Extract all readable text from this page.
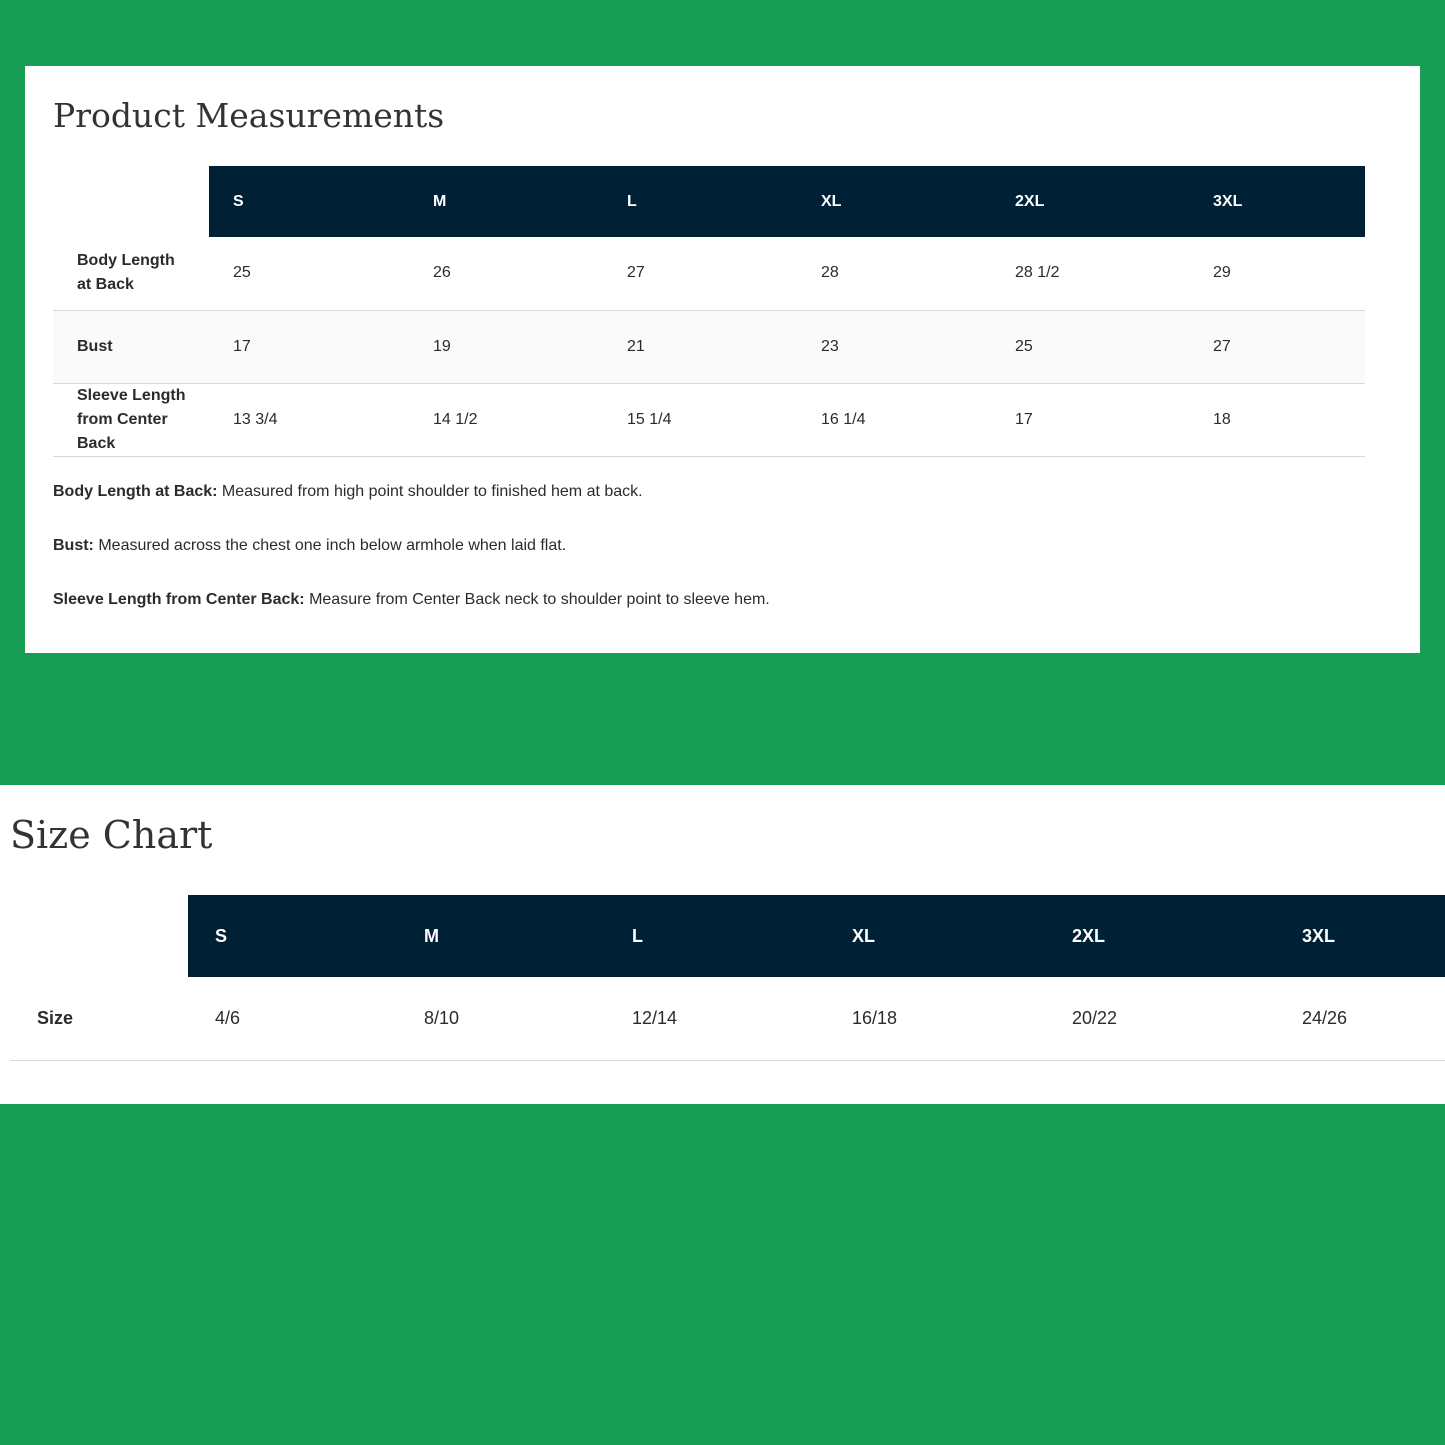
Product Measurements
	S	M	L	XL	2XL	3XL
Body Length at Back	25	26	27	28	28 1/2	29
Bust	17	19	21	23	25	27
Sleeve Length from Center Back	13 3/4	14 1/2	15 1/4	16 1/4	17	18
Body Length at Back: Measured from high point shoulder to finished hem at back.
Bust: Measured across the chest one inch below armhole when laid flat.
Sleeve Length from Center Back: Measure from Center Back neck to shoulder point to sleeve hem.
Size Chart
	S	M	L	XL	2XL	3XL
Size	4/6	8/10	12/14	16/18	20/22	24/26
